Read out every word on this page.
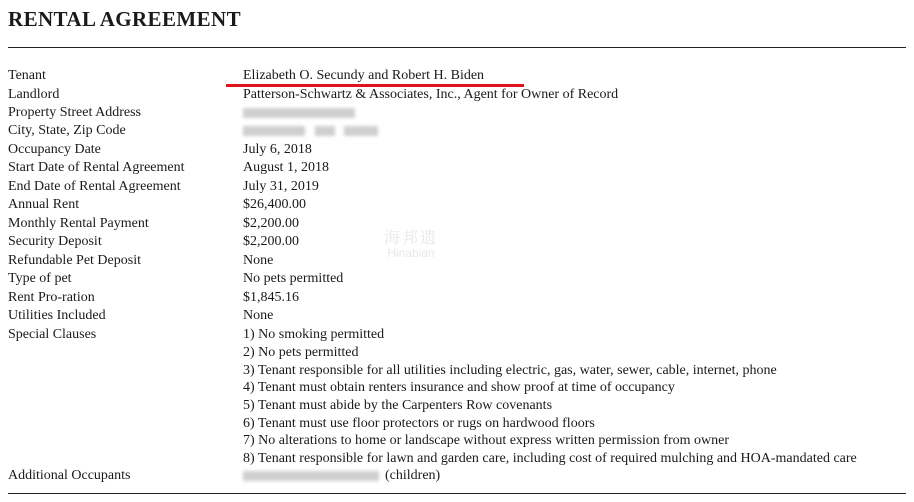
RENTAL AGREEMENT
Tenant	Elizabeth O. Secundy and Robert H. Biden
Landlord	Patterson-Schwartz & Associates, Inc., Agent for Owner of Record
Property Street Address
City, State, Zip Code

Occupancy Date	July 6, 2018
Start Date of Rental Agreement	August 1, 2018
End Date of Rental Agreement	July 31, 2019
Annual Rent	$26,400.00
Monthly Rental Payment	$2,200.00
Security Deposit	$2,200.00
Refundable Pet Deposit	None
Type of pet	No pets permitted
Rent Pro-ration	$1,845.16
Utilities Included	None
Special Clauses	1) No smoking permitted
2) No pets permitted
3) Tenant responsible for all utilities including electric, gas, water, sewer, cable, internet, phone
4) Tenant must obtain renters insurance and show proof at time of occupancy
5) Tenant must abide by the Carpenters Row covenants
6) Tenant must use floor protectors or rugs on hardwood floors
7) No alterations to home or landscape without express written permission from owner
8) Tenant responsible for lawn and garden care, including cost of required mulching and HOA-mandated care
Additional Occupants	(children)
海邦遗
Hinabian
